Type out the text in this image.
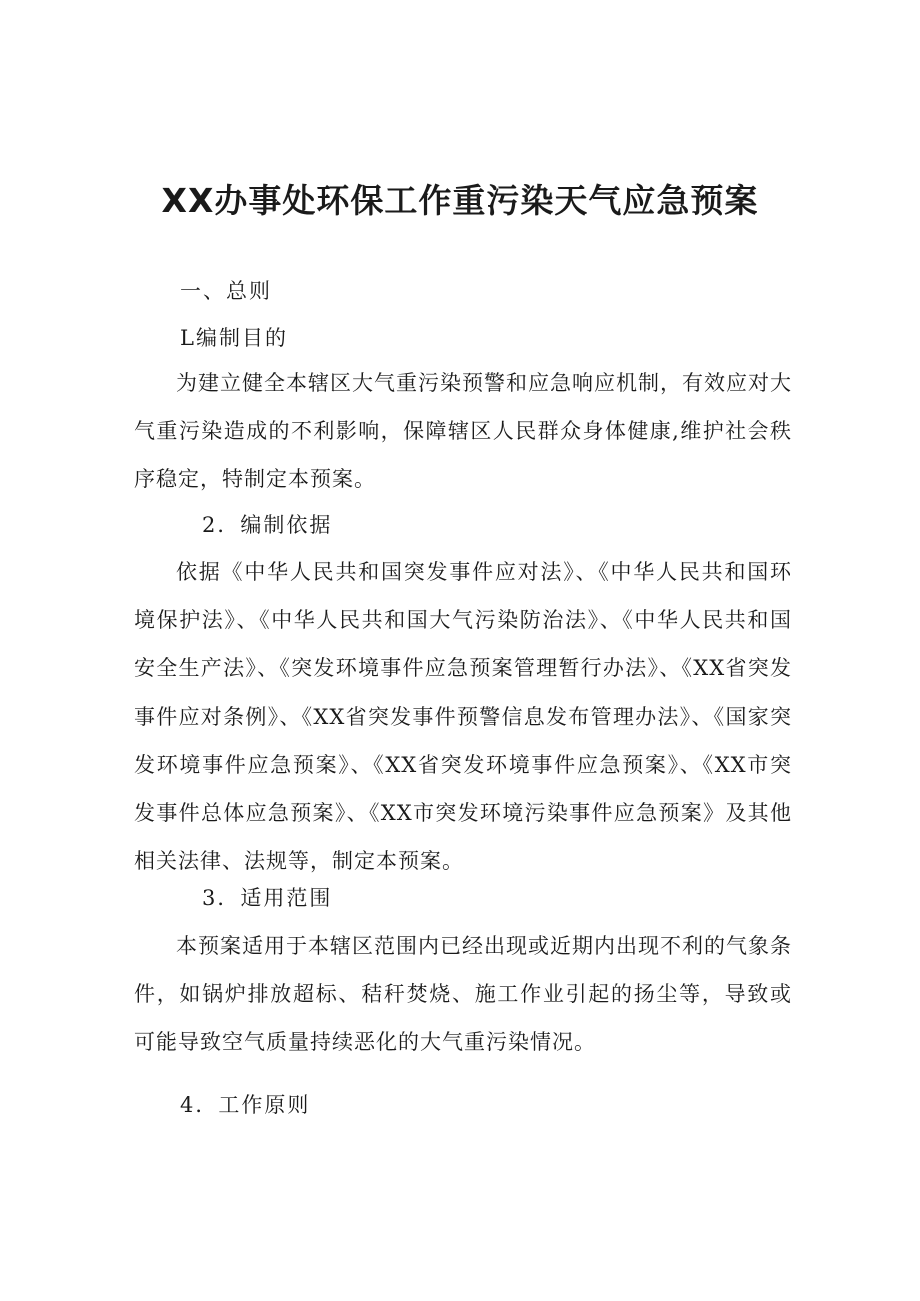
XX办事处环保工作重污染天气应急预案
一、总则
L编制目的
为建立健全本辖区大气重污染预警和应急响应机制，有效应对大气重污染造成的不利影响，保障辖区人民群众身体健康,维护社会秩序稳定，特制定本预案。
2．编制依据
依据《中华人民共和国突发事件应对法》、《中华人民共和国环境保护法》、《中华人民共和国大气污染防治法》、《中华人民共和国安全生产法》、《突发环境事件应急预案管理暂行办法》、《XX省突发事件应对条例》、《XX省突发事件预警信息发布管理办法》、《国家突发环境事件应急预案》、《XX省突发环境事件应急预案》、《XX市突发事件总体应急预案》、《XX市突发环境污染事件应急预案》及其他相关法律、法规等，制定本预案。
3．适用范围
本预案适用于本辖区范围内已经出现或近期内出现不利的气象条件，如锅炉排放超标、秸秆焚烧、施工作业引起的扬尘等，导致或可能导致空气质量持续恶化的大气重污染情况。
4．工作原则
